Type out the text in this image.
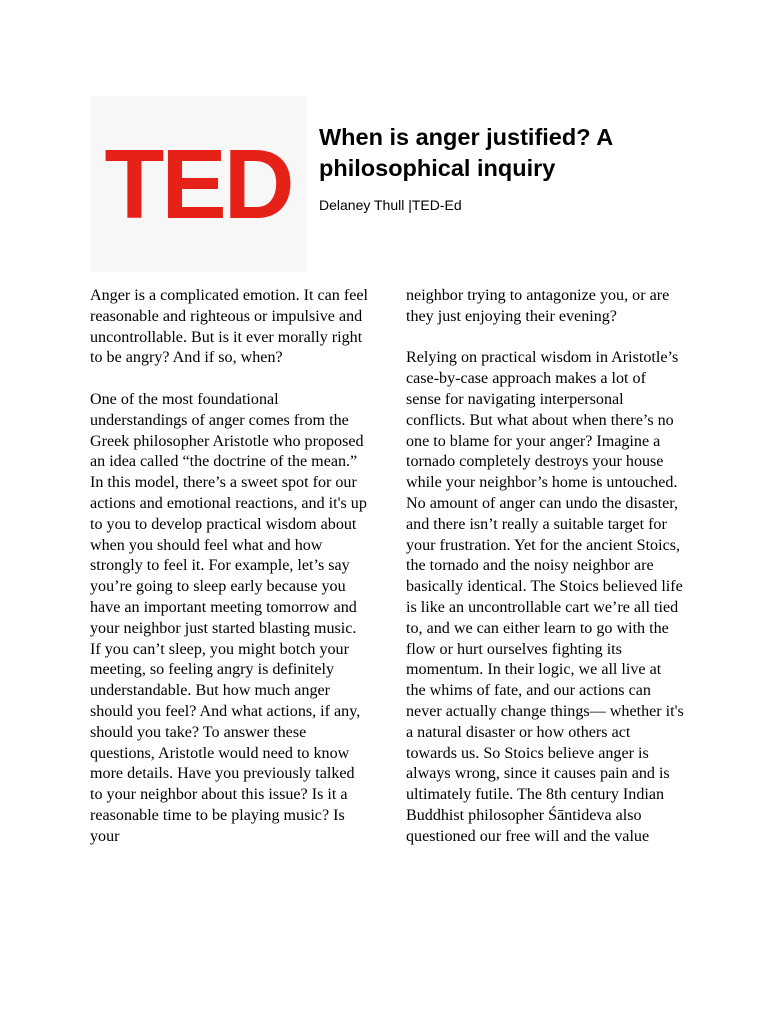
TED When is anger justified? A philosophical inquiry

Delaney Thull |TED-Ed

Anger is a complicated emotion. It can feel reasonable and righteous or impulsive and uncontrollable. But is it ever morally right to be angry? And if so, when?

One of the most foundational understandings of anger comes from the Greek philosopher Aristotle who proposed an idea called “the doctrine of the mean.” In this model, there’s a sweet spot for our actions and emotional reactions, and it's up to you to develop practical wisdom about when you should feel what and how strongly to feel it. For example, let’s say you’re going to sleep early because you have an important meeting tomorrow and your neighbor just started blasting music. If you can’t sleep, you might botch your meeting, so feeling angry is definitely understandable. But how much anger should you feel? And what actions, if any, should you take? To answer these questions, Aristotle would need to know more details. Have you previously talked to your neighbor about this issue? Is it a reasonable time to be playing music? Is your

neighbor trying to antagonize you, or are they just enjoying their evening?

Relying on practical wisdom in Aristotle’s case-by-case approach makes a lot of sense for navigating interpersonal conflicts. But what about when there’s no one to blame for your anger? Imagine a tornado completely destroys your house while your neighbor’s home is untouched. No amount of anger can undo the disaster, and there isn’t really a suitable target for your frustration. Yet for the ancient Stoics, the tornado and the noisy neighbor are basically identical. The Stoics believed life is like an uncontrollable cart we’re all tied to, and we can either learn to go with the flow or hurt ourselves fighting its momentum. In their logic, we all live at the whims of fate, and our actions can never actually change things— whether it's a natural disaster or how others act towards us. So Stoics believe anger is always wrong, since it causes pain and is ultimately futile. The 8th century Indian Buddhist philosopher Śāntideva also questioned our free will and the value
